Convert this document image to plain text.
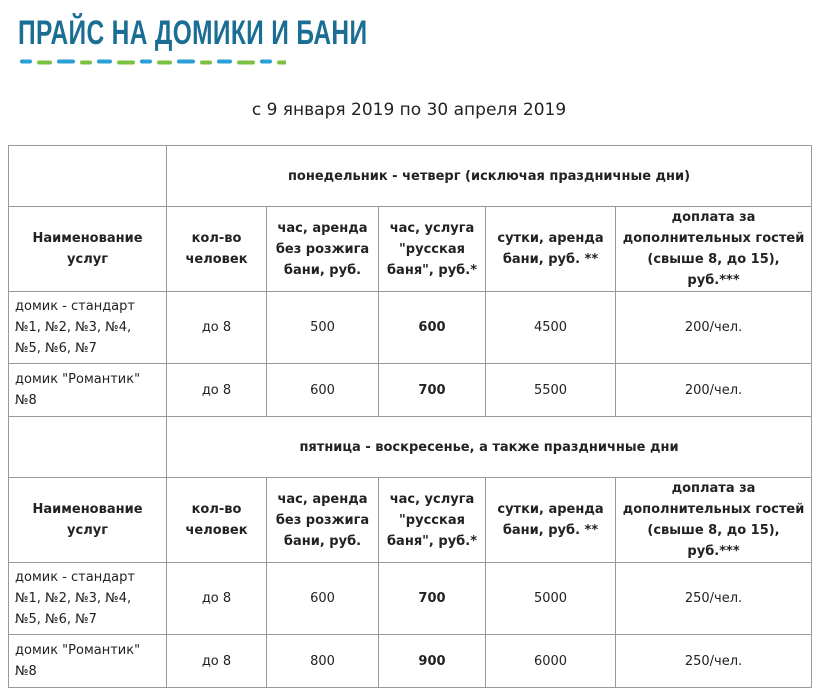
ПРАЙС НА ДОМИКИ И БАНИ
с 9 января 2019 по 30 апреля 2019
	понедельник - четверг (исключая праздничные дни)				
Наименование услуг	кол-во человек	час, аренда без розжига бани, руб.	час, услуга "русская баня", руб.*	сутки, аренда бани, руб. **	доплата за дополнительных гостей (свыше 8, до 15), руб.***
домик - стандарт №1, №2, №3, №4, №5, №6, №7	до 8	500	600	4500	200/чел.
домик "Романтик" №8	до 8	600	700	5500	200/чел.
	пятница - воскресенье, а также праздничные дни				
Наименование услуг	кол-во человек	час, аренда без розжига бани, руб.	час, услуга "русская баня", руб.*	сутки, аренда бани, руб. **	доплата за дополнительных гостей (свыше 8, до 15), руб.***
домик - стандарт №1, №2, №3, №4, №5, №6, №7	до 8	600	700	5000	250/чел.
домик "Романтик" №8	до 8	800	900	6000	250/чел.
